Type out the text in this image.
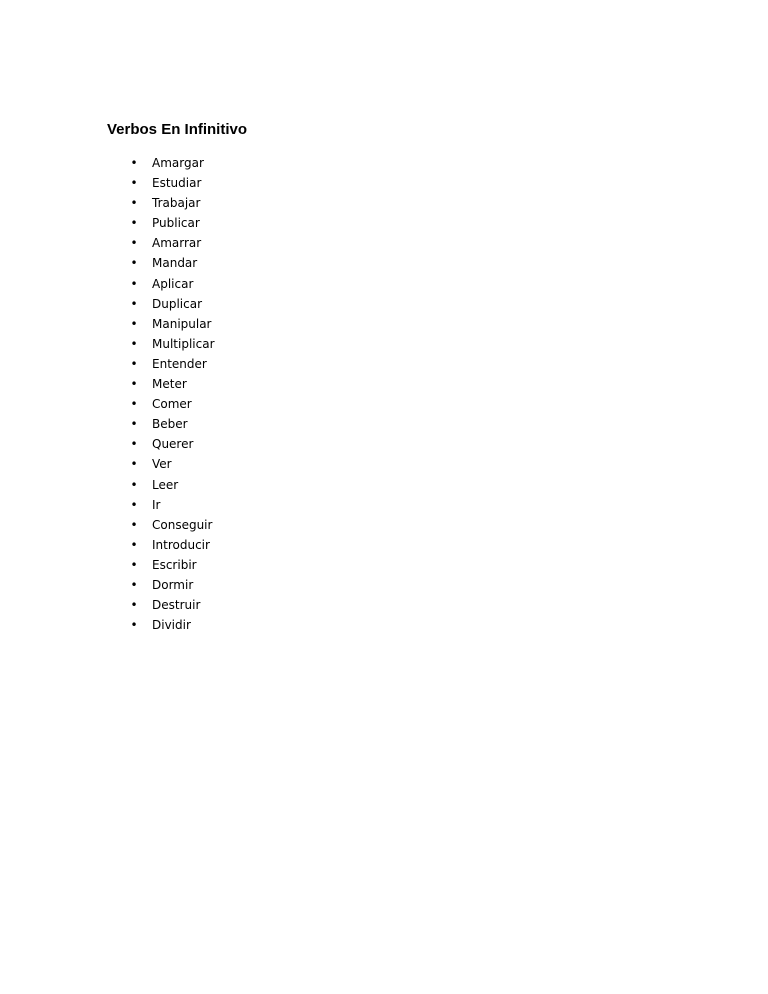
Verbos En Infinitivo
• Amargar
• Estudiar
• Trabajar
• Publicar
• Amarrar
• Mandar
• Aplicar
• Duplicar
• Manipular
• Multiplicar
• Entender
• Meter
• Comer
• Beber
• Querer
• Ver
• Leer
• Ir
• Conseguir
• Introducir
• Escribir
• Dormir
• Destruir
• Dividir
